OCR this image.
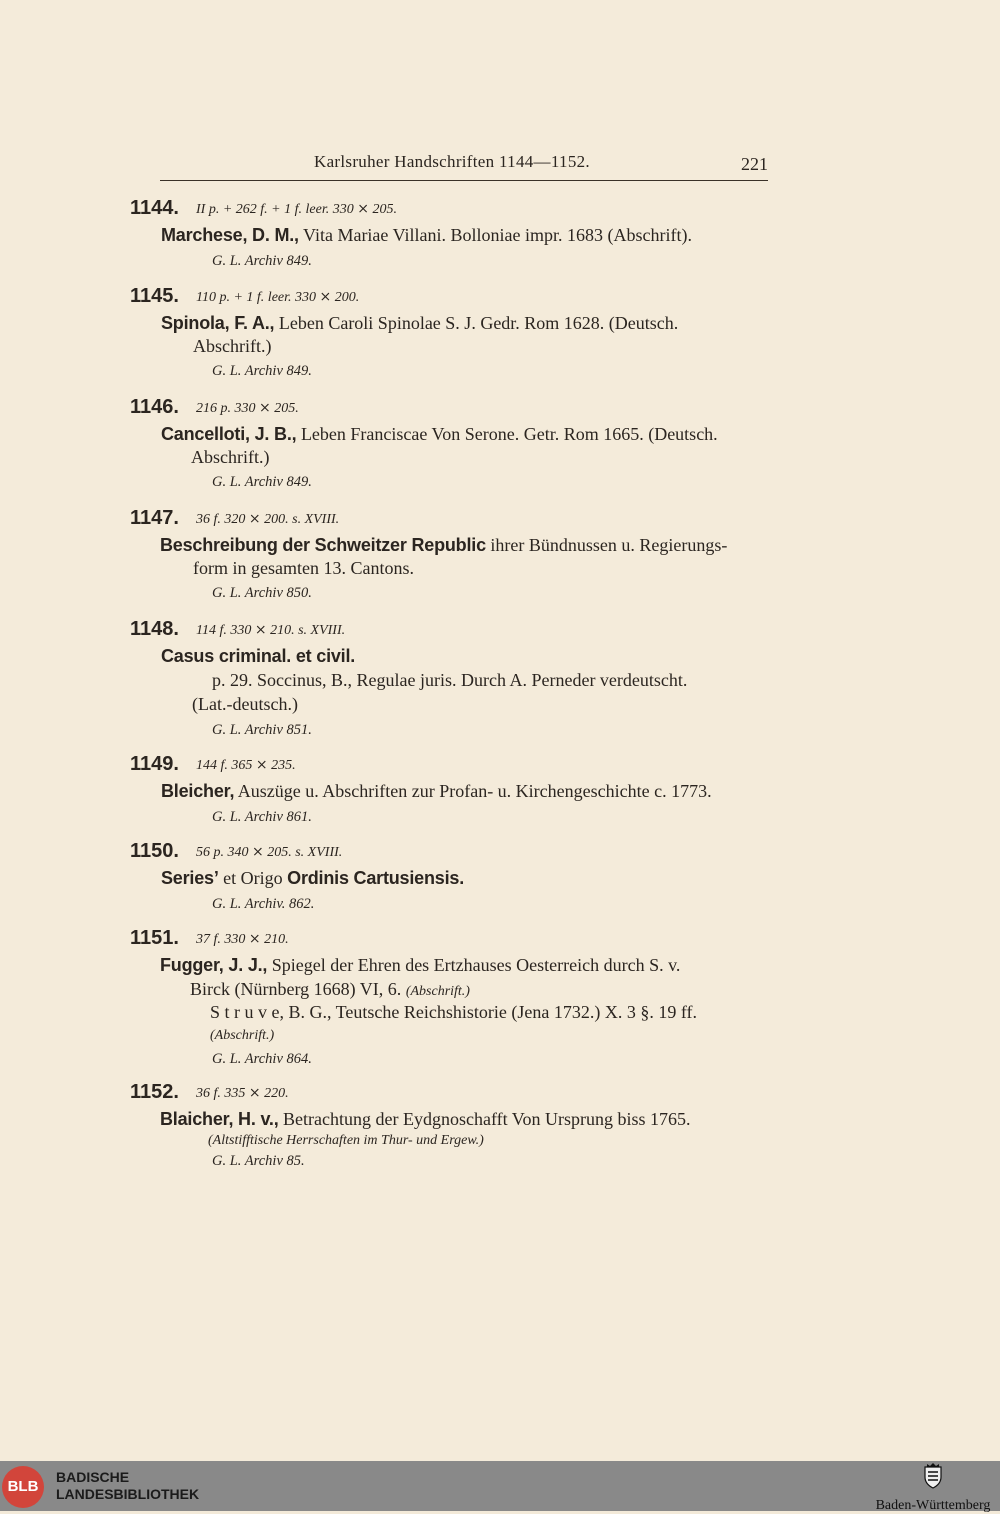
Karlsruher Handschriften 1144—1152.	221
1144. II p. + 262 f. + 1 f. leer. 330 ⨯ 205.
Marchese, D. M., Vita Mariae Villani. Bolloniae impr. 1683 (Abschrift).
G. L. Archiv 849.
1145. 110 p. + 1 f. leer. 330 ⨯ 200.
Spinola, F. A., Leben Caroli Spinolae S. J. Gedr. Rom 1628. (Deutsch.
Abschrift.)
G. L. Archiv 849.
1146. 216 p. 330 ⨯ 205.
Cancelloti, J. B., Leben Franciscae Von Serone. Getr. Rom 1665. (Deutsch.
Abschrift.)
G. L. Archiv 849.
1147. 36 f. 320 ⨯ 200. s. XVIII.
Beschreibung der Schweitzer Republic ihrer Bündnussen u. Regierungs-
form in gesamten 13. Cantons.
G. L. Archiv 850.
1148. 114 f. 330 ⨯ 210. s. XVIII.
Casus criminal. et civil.
p. 29. Soccinus, B., Regulae juris. Durch A. Perneder verdeutscht.
(Lat.-deutsch.)
G. L. Archiv 851.
1149. 144 f. 365 ⨯ 235.
Bleicher, Auszüge u. Abschriften zur Profan- u. Kirchengeschichte c. 1773.
G. L. Archiv 861.
1150. 56 p. 340 ⨯ 205. s. XVIII.
Series’ et Origo Ordinis Cartusiensis.
G. L. Archiv. 862.
1151. 37 f. 330 ⨯ 210.
Fugger, J. J., Spiegel der Ehren des Ertzhauses Oesterreich durch S. v.
Birck (Nürnberg 1668) VI, 6. (Abschrift.)
S t r u v e, B. G., Teutsche Reichshistorie (Jena 1732.) X. 3 §. 19 ff.
(Abschrift.)
G. L. Archiv 864.
1152. 36 f. 335 ⨯ 220.
Blaicher, H. v., Betrachtung der Eydgnoschafft Von Ursprung biss 1765.
(Altstifftische Herrschaften im Thur- und Ergew.)
G. L. Archiv 85.
BLB
BADISCHE
LANDESBIBLIOTHEK
Baden-Württemberg
